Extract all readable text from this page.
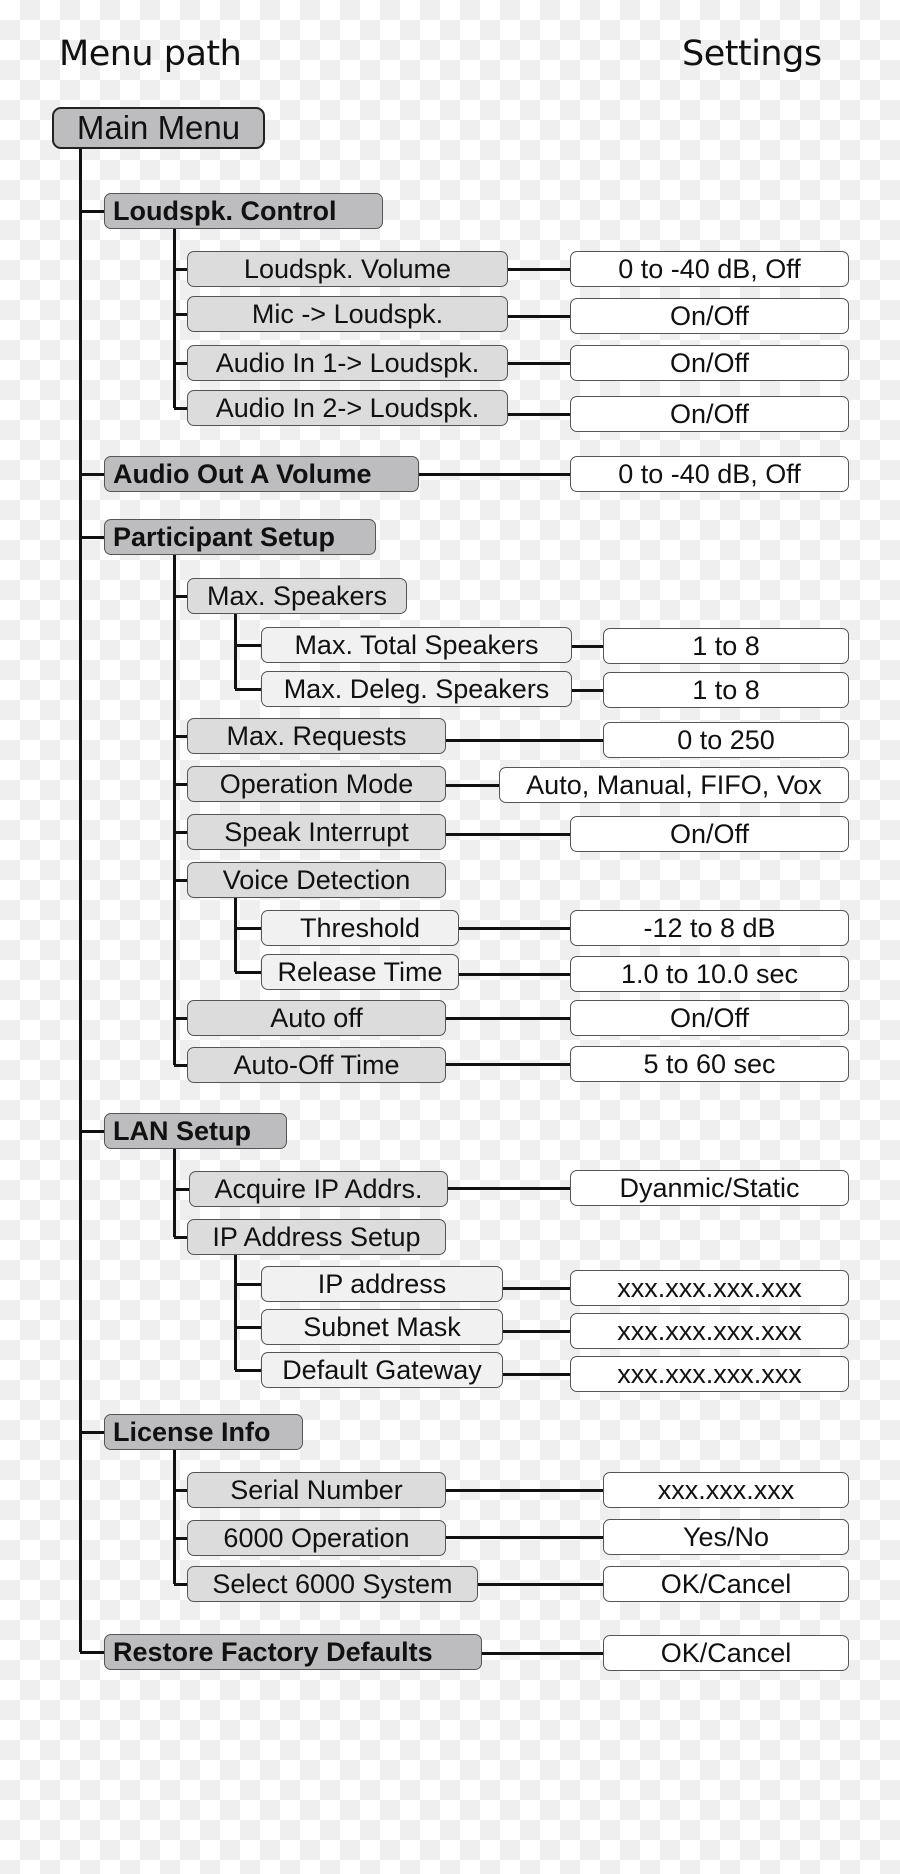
Menu path	Settings
Main Menu
Loudspk. Control
Loudspk. Volume	0 to -40 dB, Off
Mic -> Loudspk.	On/Off
Audio In 1-> Loudspk.	On/Off
Audio In 2-> Loudspk.	On/Off
Audio Out A Volume	0 to -40 dB, Off
Participant Setup
Max. Speakers
Max. Total Speakers	1 to 8
Max. Deleg. Speakers	1 to 8
Max. Requests	0 to 250
Operation Mode	Auto, Manual, FIFO, Vox
Speak Interrupt	On/Off
Voice Detection
Threshold	-12 to 8 dB
Release Time	1.0 to 10.0 sec
Auto off	On/Off
Auto-Off Time	5 to 60 sec
LAN Setup
Acquire IP Addrs.	Dyanmic/Static
IP Address Setup
IP address	xxx.xxx.xxx.xxx
Subnet Mask	xxx.xxx.xxx.xxx
Default Gateway	xxx.xxx.xxx.xxx
License Info
Serial Number	xxx.xxx.xxx
6000 Operation	Yes/No
Select 6000 System	OK/Cancel
Restore Factory Defaults	OK/Cancel
